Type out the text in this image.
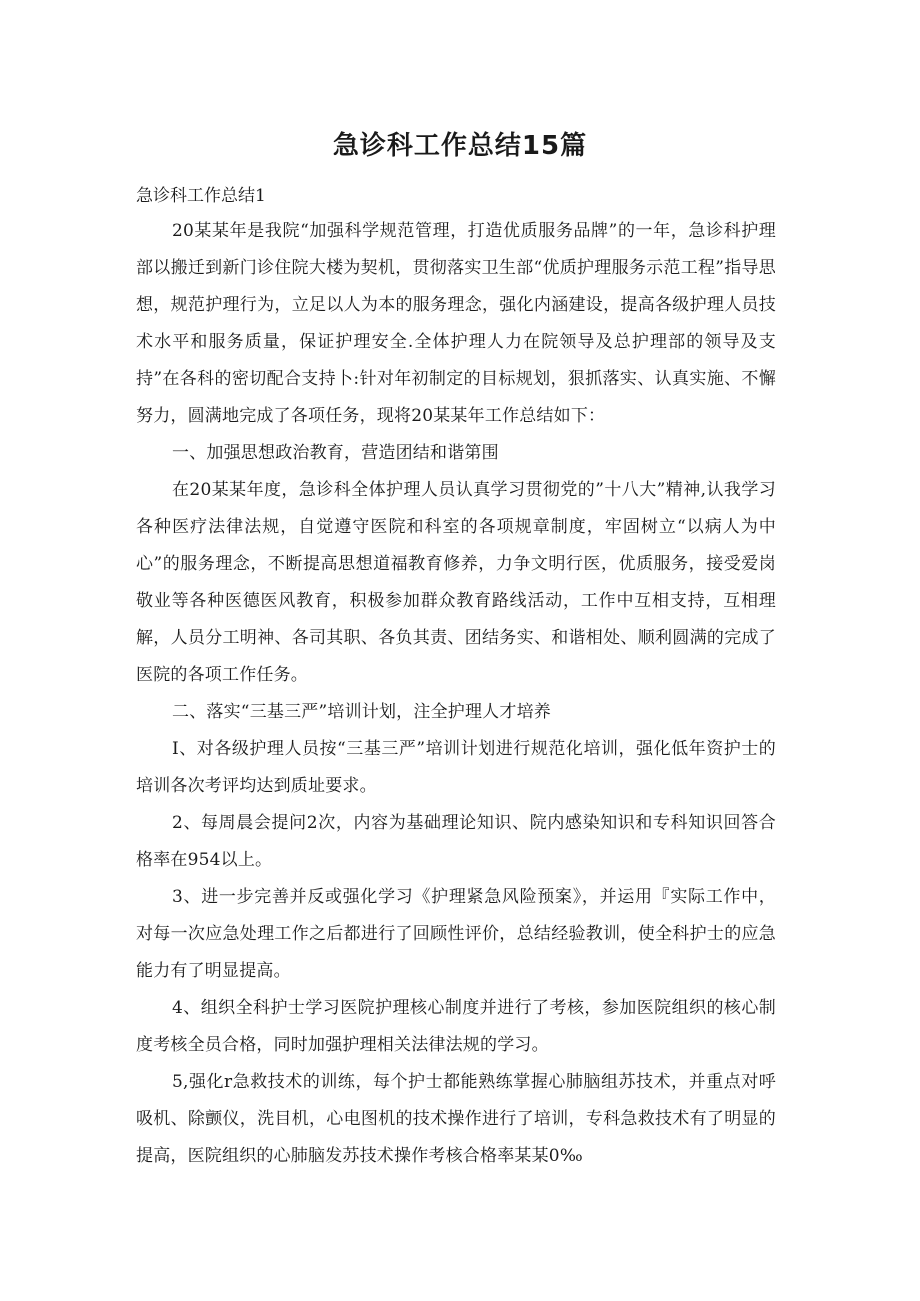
急诊科工作总结15篇
急诊科工作总结1

20某某年是我院“加强科学规范管理，打造优质服务品牌”的一年，急诊科护理部以搬迁到新门诊住院大楼为契机，贯彻落实卫生部“优质护理服务示范工程”指导思想，规范护理行为，立足以人为本的服务理念，强化内涵建设，提高各级护理人员技术水平和服务质量，保证护理安全.全体护理人力在院领导及总护理部的领导及支持”在各科的密切配合支持卜:针对年初制定的目标规划，狠抓落实、认真实施、不懈努力，圆满地完成了各项任务，现将20某某年工作总结如下：

一、加强思想政治教育，营造团结和谐第围

在20某某年度，急诊科全体护理人员认真学习贯彻党的”十八大”精神,认我学习各种医疗法律法规，自觉遵守医院和科室的各项规章制度，牢固树立“以病人为中心”的服务理念，不断提高思想道福教育修养，力争文明行医，优质服务，接受爱岗敬业等各种医德医风教育，积极参加群众教育路线活动，工作中互相支持，互相理解，人员分工明神、各司其职、各负其责、团结务实、和谐相处、顺利圆满的完成了医院的各项工作任务。

二、落实“三基三严”培训计划，注全护理人才培养

I、对各级护理人员按“三基三严”培训计划进行规范化培训，强化低年资护士的培训各次考评均达到质址要求。

2、每周晨会提问2次，内容为基础理论知识、院内感染知识和专科知识回答合格率在954以上。

3、进一步完善并反或强化学习《护理紧急风险预案》，并运用『实际工作中，对每一次应急处理工作之后都进行了回顾性评价，总结经验教训，使全科护士的应急能力有了明显提高。

4、组织全科护士学习医院护理核心制度并进行了考核，参加医院组织的核心制度考核全员合格，同时加强护理相关法律法规的学习。

5,强化r急救技术的训练，每个护士都能熟练掌握心肺脑组苏技术，并重点对呼吸机、除颤仪，洗目机，心电图机的技术操作进行了培训，专科急救技术有了明显的提高，医院组织的心肺脑发苏技术操作考核合格率某某0‰
